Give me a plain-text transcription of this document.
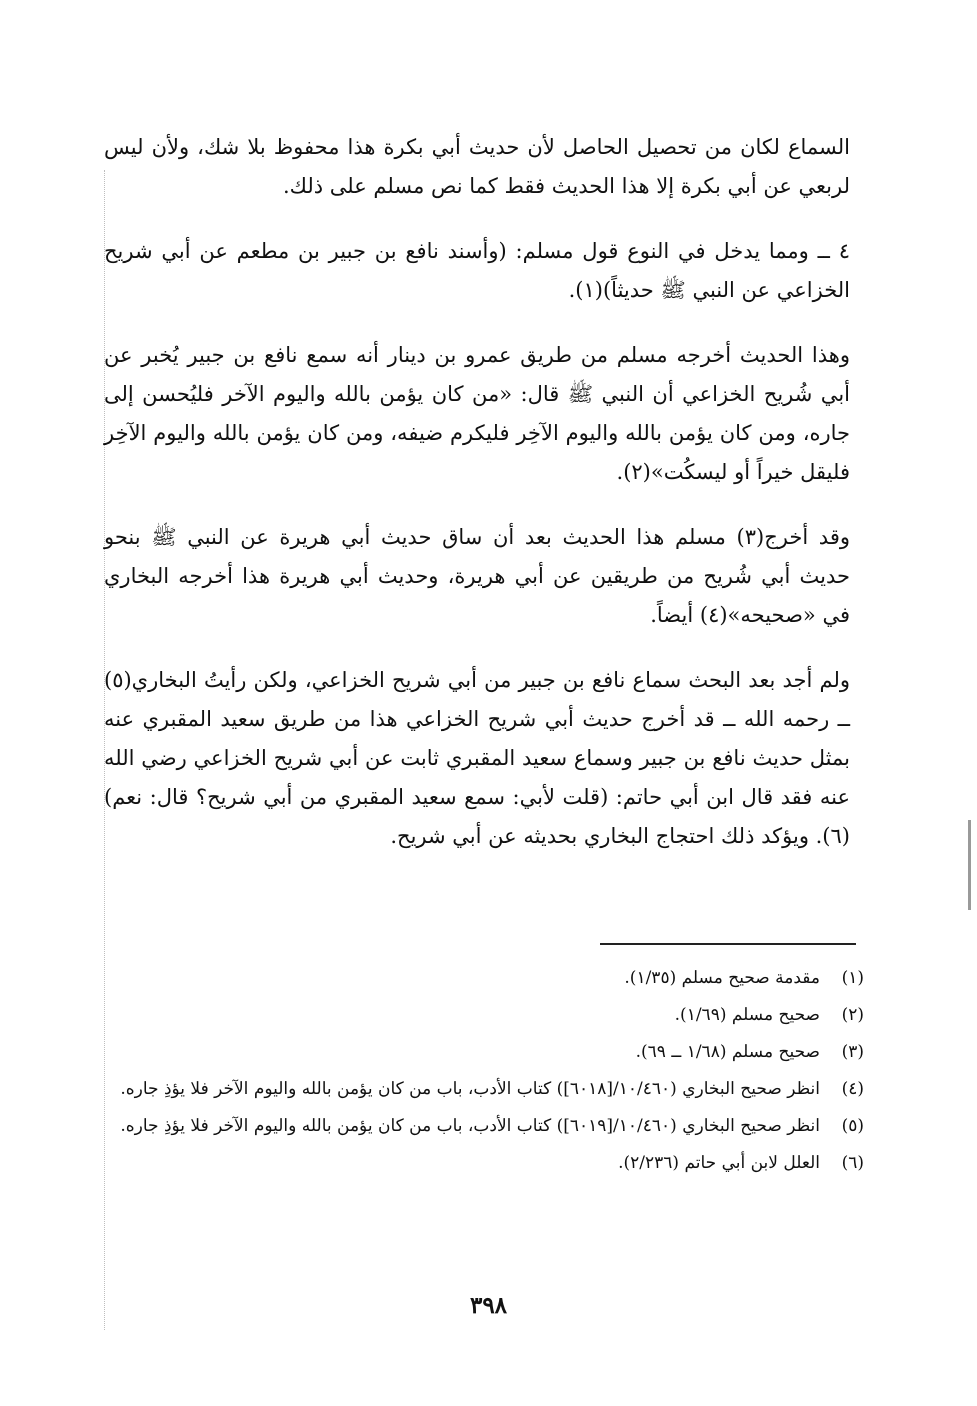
السماع لكان من تحصيل الحاصل لأن حديث أبي بكرة هذا محفوظ بلا شك، ولأن ليس لربعي عن أبي بكرة إلا هذا الحديث فقط كما نص مسلم على ذلك.

٤ ــ ومما يدخل في النوع قول مسلم: (وأسند نافع بن جبير بن مطعم عن أبي شريح الخزاعي عن النبي ﷺ حديثاً)(١).

وهذا الحديث أخرجه مسلم من طريق عمرو بن دينار أنه سمع نافع بن جبير يُخبر عن أبي شُريح الخزاعي أن النبي ﷺ قال: «من كان يؤمن بالله واليوم الآخر فليُحسن إلى جاره، ومن كان يؤمن بالله واليوم الآخِر فليكرم ضيفه، ومن كان يؤمن بالله واليوم الآخِر فليقل خيراً أو ليسكُت»(٢).

وقد أخرج(٣) مسلم هذا الحديث بعد أن ساق حديث أبي هريرة عن النبي ﷺ بنحو حديث أبي شُريح من طريقين عن أبي هريرة، وحديث أبي هريرة هذا أخرجه البخاري في «صحيحه»(٤) أيضاً.

ولم أجد بعد البحث سماع نافع بن جبير من أبي شريح الخزاعي، ولكن رأيتُ البخاري(٥) ــ رحمه الله ــ قد أخرج حديث أبي شريح الخزاعي هذا من طريق سعيد المقبري عنه بمثل حديث نافع بن جبير وسماع سعيد المقبري ثابت عن أبي شريح الخزاعي رضي الله عنه فقد قال ابن أبي حاتم: (قلت لأبي: سمع سعيد المقبري من أبي شريح؟ قال: نعم)(٦). ويؤكد ذلك احتجاج البخاري بحديثه عن أبي شريح.

(١)
مقدمة صحيح مسلم (١/٣٥).
(٢)
صحيح مسلم (١/٦٩).
(٣)
صحيح مسلم (١/٦٨ ــ ٦٩).
(٤)
انظر صحيح البخاري (١٠/٤٦٠/[٦٠١٨]) كتاب الأدب، باب من كان يؤمن بالله واليوم الآخر فلا يؤذِ جاره.
(٥)
انظر صحيح البخاري (١٠/٤٦٠/[٦٠١٩]) كتاب الأدب، باب من كان يؤمن بالله واليوم الآخر فلا يؤذِ جاره.
(٦)
العلل لابن أبي حاتم (٢/٢٣٦).
٣٩٨
